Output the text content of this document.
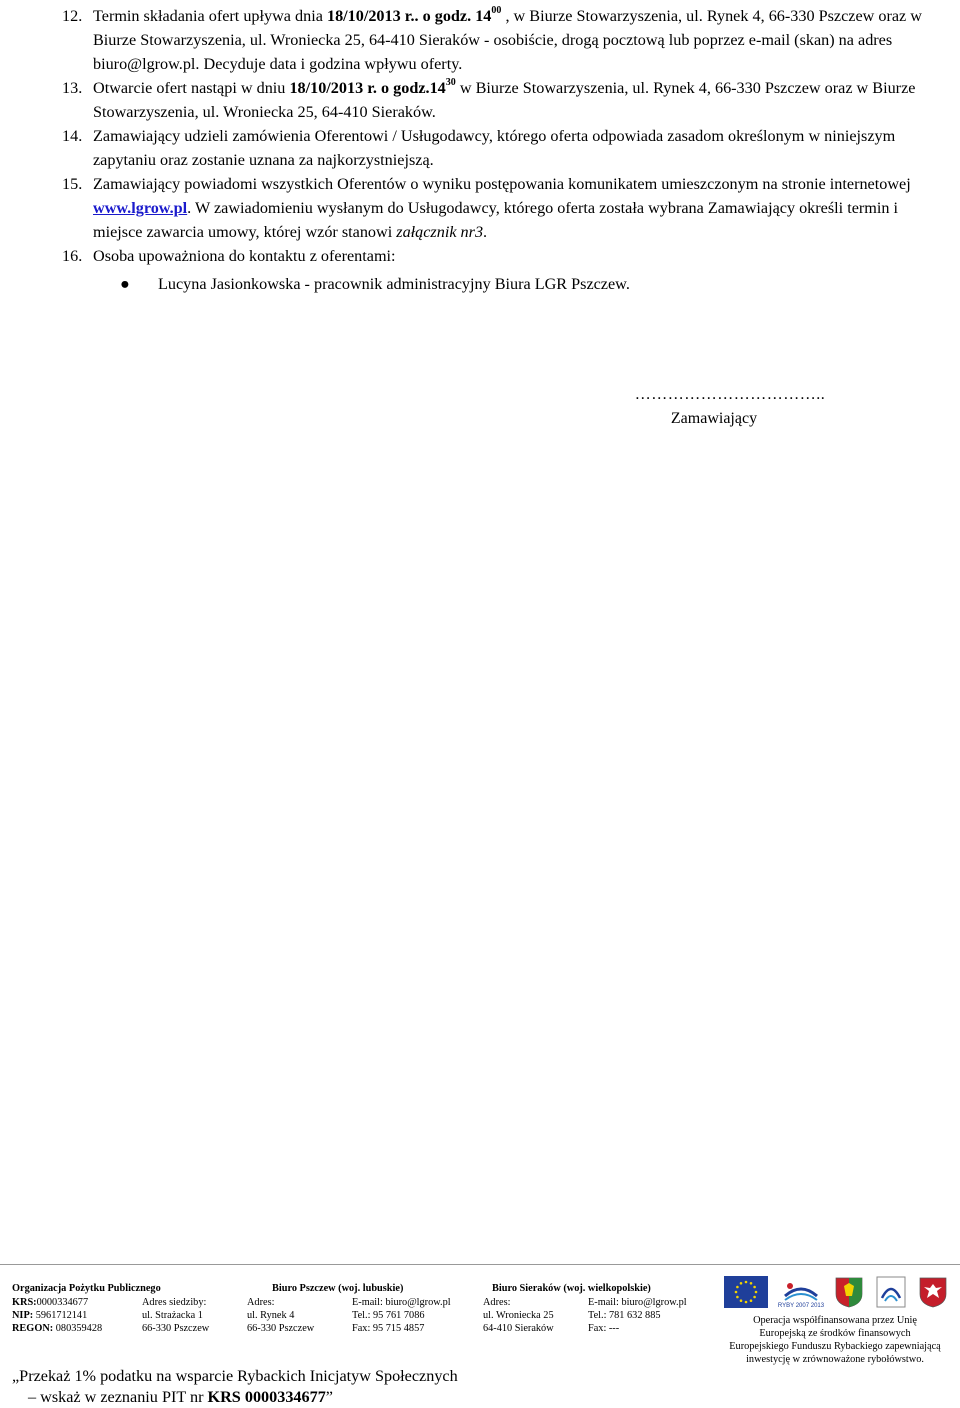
12. Termin składania ofert upływa dnia 18/10/2013 r.. o godz. $14^{00}$ , w Biurze Stowarzyszenia, ul. Rynek 4, 66-330 Pszczew oraz w Biurze Stowarzyszenia, ul. Wroniecka 25, 64-410 Sieraków - osobiście, drogą pocztową lub poprzez e-mail (skan) na adres biuro@lgrow.pl. Decyduje data i godzina wpływu oferty.
13. Otwarcie ofert nastąpi w dniu 18/10/2013 r. o $godz.14^{30}$ w Biurze Stowarzyszenia, ul. Rynek 4, 66-330 Pszczew oraz w Biurze Stowarzyszenia, ul. Wroniecka 25, 64-410 Sieraków.
14. Zamawiający udzieli zamówienia Oferentowi / Usługodawcy, którego oferta odpowiada zasadom określonym w niniejszym zapytaniu oraz zostanie uznana za najkorzystniejszą.
15. Zamawiający powiadomi wszystkich Oferentów o wyniku postępowania komunikatem umieszczonym na stronie internetowej www.lgrow.pl. W zawiadomieniu wysłanym do Usługodawcy, którego oferta została wybrana Zamawiający określi termin i miejsce zawarcia umowy, której wzór stanowi załącznik nr3.
16. Osoba upoważniona do kontaktu z oferentami:
● Lucyna Jasionkowska - pracownik administracyjny Biura LGR Pszczew.
……………………………..
Zamawiający
Organizacja Pożytku Publicznego
KRS:0000334677
NIP: 5961712141
REGON: 080359428
Adres siedziby:
ul. Strażacka 1
66-330 Pszczew
Biuro Pszczew (woj. lubuskie)
Adres:
ul. Rynek 4
66-330 Pszczew
E-mail: biuro@lgrow.pl
Tel.: 95 761 7086
Fax: 95 715 4857
Biuro Sieraków (woj. wielkopolskie)
Adres:
ul. Wroniecka 25
64-410 Sieraków
E-mail: biuro@lgrow.pl
Tel.: 781 632 885
Fax: ---
RYBY 2007 2013
Operacja współfinansowana przez Unię
Europejską ze środków finansowych
Europejskiego Funduszu Rybackiego zapewniającą
inwestycję w zrównoważone rybołówstwo.
„Przekaż 1% podatku na wsparcie Rybackich Inicjatyw Społecznych
– wskaż w zeznaniu PIT nr KRS 0000334677”
